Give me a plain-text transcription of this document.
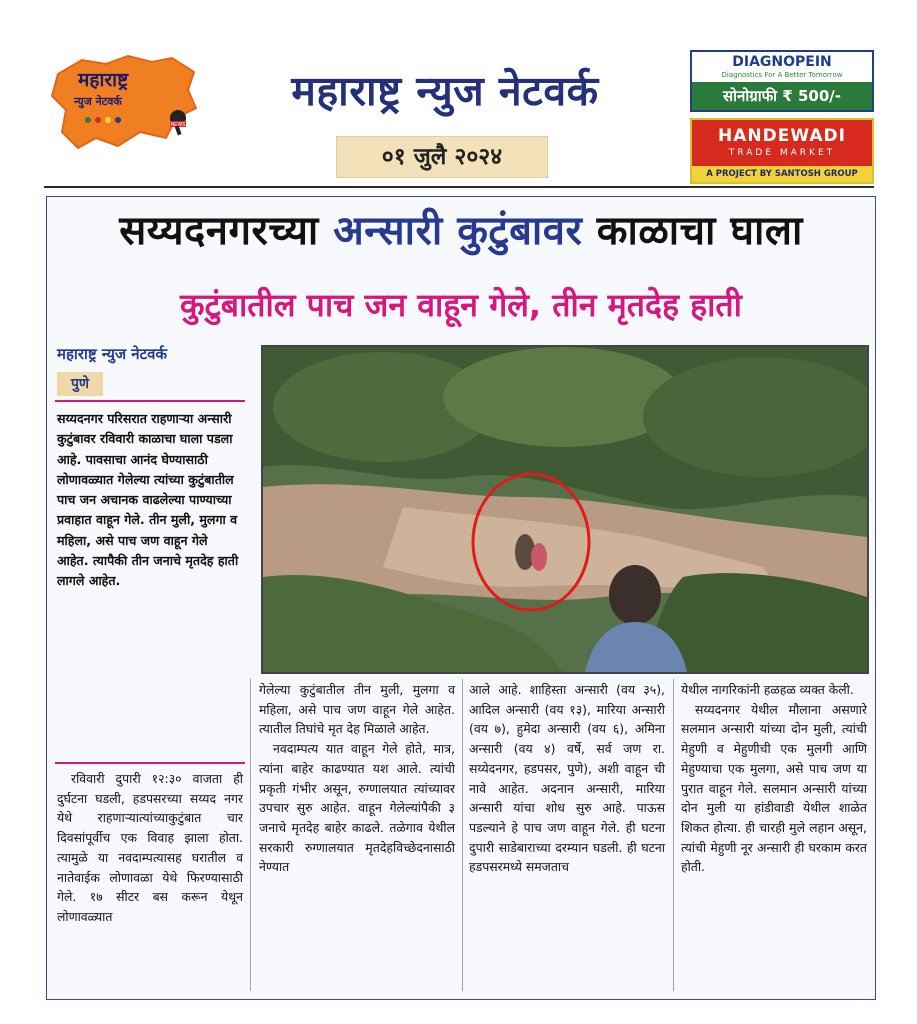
महाराष्ट्र
न्युज नेटवर्क
NEWS
महाराष्ट्र न्युज नेटवर्क
०१ जुलै २०२४
DIAGNOPEIN
Diagnostics For A Better Tomorrow
सोनोग्राफी ₹ 500/-
HANDEWADI
TRADE MARKET
A PROJECT BY SANTOSH GROUP
सय्यदनगरच्या अन्सारी कुटुंबावर काळाचा घाला
कुटुंबातील पाच जन वाहून गेले, तीन मृतदेह हाती
महाराष्ट्र न्युज नेटवर्क
पुणे
सय्यदनगर परिसरात राहणाऱ्या अन्सारी कुटुंबावर रविवारी काळाचा घाला पडला आहे. पावसाचा आनंद घेण्यासाठी लोणावळ्यात गेलेल्या त्यांच्या कुटुंबातील पाच जन अचानक वाढलेल्या पाण्याच्या प्रवाहात वाहून गेले. तीन मुली, मुलगा व महिला, असे पाच जण वाहून गेले आहेत. त्यापैकी तीन जनाचे मृतदेह हाती लागले आहेत.

रविवारी दुपारी १२:३० वाजता ही दुर्घटना घडली, हडपसरच्या सय्यद नगर येथे राहणाऱ्यात्यांच्याकुटुंबात चार दिवसांपूर्वीच एक विवाह झाला होता. त्यामुळे या नवदाम्पत्यासह घरातील व नातेवाईक लोणावळा येथे फिरण्यासाठी गेले. १७ सीटर बस करून येथून लोणावळ्यात

गेलेल्या कुटुंबातील तीन मुली, मुलगा व महिला, असे पाच जण वाहून गेले आहेत. त्यातील तिघांचे मृत देह मिळाले आहेत.

नवदाम्पत्य यात वाहून गेले होते, मात्र, त्यांना बाहेर काढण्यात यश आले. त्यांची प्रकृती गंभीर असून, रुग्णालयात त्यांच्यावर उपचार सुरु आहेत. वाहून गेलेल्यांपैकी ३ जनाचे मृतदेह बाहेर काढले. तळेगाव येथील सरकारी रुग्णालयात मृतदेहविच्छेदनासाठी नेण्यात

आले आहे. शाहिस्ता अन्सारी (वय ३५), आदिल अन्सारी (वय १३), मारिया अन्सारी (वय ७), हुमेदा अन्सारी (वय ६), अमिना अन्सारी (वय ४) वर्षे, सर्व जण रा. सय्येदनगर, हडपसर, पुणे), अशी वाहून ची नावे आहेत. अदनान अन्सारी, मारिया अन्सारी यांचा शोध सुरु आहे. पाऊस पडल्याने हे पाच जण वाहून गेले. ही घटना दुपारी साडेबाराच्या दरम्यान घडली. ही घटना हडपसरमध्ये समजताच

येथील नागरिकांनी हळहळ व्यक्त केली.

सय्यदनगर येथील मौलाना असणारे सलमान अन्सारी यांच्या दोन मुली, त्यांची मेहुणी व मेहुणीची एक मुलगी आणि मेहुण्याचा एक मुलगा, असे पाच जण या पुरात वाहून गेले. सलमान अन्सारी यांच्या दोन मुली या हांडीवाडी येथील शाळेत शिकत होत्या. ही चारही मुले लहान असून, त्यांची मेहुणी नूर अन्सारी ही घरकाम करत होती.
